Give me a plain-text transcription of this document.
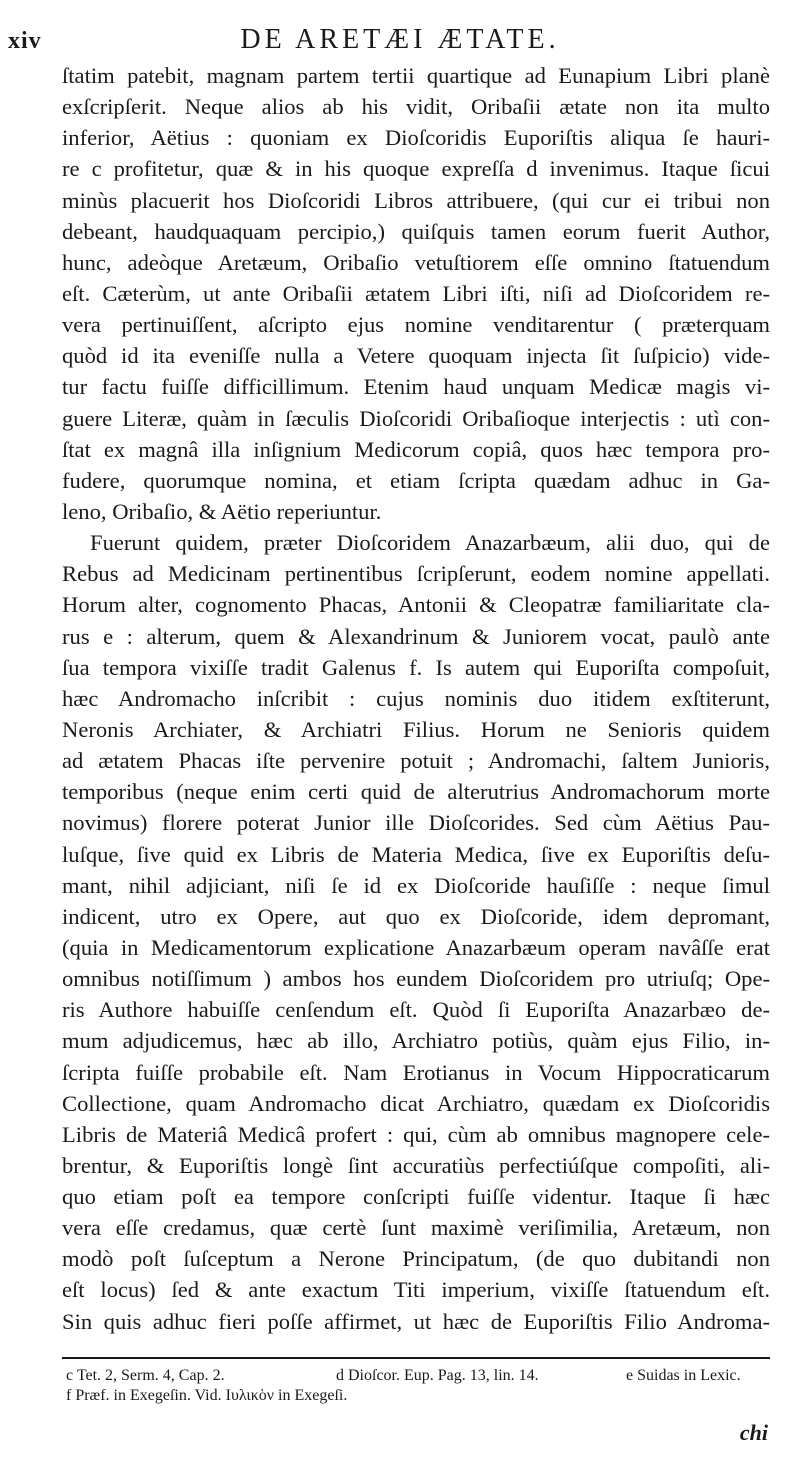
xiv	DE ARETÆI ÆTATE.
ſtatim patebit, magnam partem tertii quartique ad Eunapium Libri planè
exſcripſerit. Neque alios ab his vidit, Oribaſii ætate non ita multo
inferior, Aëtius : quoniam ex Dioſcoridis Euporiſtis aliqua ſe hauri-
re c profitetur, quæ & in his quoque expreſſa d invenimus. Itaque ſicui
minùs placuerit hos Dioſcoridi Libros attribuere, (qui cur ei tribui non
debeant, haudquaquam percipio,) quiſquis tamen eorum fuerit Author,
hunc, adeòque Aretæum, Oribaſio vetuſtiorem eſſe omnino ſtatuendum
eſt. Cæterùm, ut ante Oribaſii ætatem Libri iſti, niſi ad Dioſcoridem re-
vera pertinuiſſent, aſcripto ejus nomine venditarentur ( præterquam
quòd id ita eveniſſe nulla a Vetere quoquam injecta ſit ſuſpicio) vide-
tur factu fuiſſe difficillimum. Etenim haud unquam Medicæ magis vi-
guere Literæ, quàm in ſæculis Dioſcoridi Oribaſioque interjectis : utì con-
ſtat ex magnâ illa inſignium Medicorum copiâ, quos hæc tempora pro-
fudere, quorumque nomina, et etiam ſcripta quædam adhuc in Ga-
leno, Oribaſio, & Aëtio reperiuntur.
Fuerunt quidem, præter Dioſcoridem Anazarbæum, alii duo, qui de
Rebus ad Medicinam pertinentibus ſcripſerunt, eodem nomine appellati.
Horum alter, cognomento Phacas, Antonii & Cleopatræ familiaritate cla-
rus e : alterum, quem & Alexandrinum & Juniorem vocat, paulò ante
ſua tempora vixiſſe tradit Galenus f. Is autem qui Euporiſta compoſuit,
hæc Andromacho inſcribit : cujus nominis duo itidem exſtiterunt,
Neronis Archiater, & Archiatri Filius. Horum ne Senioris quidem
ad ætatem Phacas iſte pervenire potuit ; Andromachi, ſaltem Junioris,
temporibus (neque enim certi quid de alterutrius Andromachorum morte
novimus) florere poterat Junior ille Dioſcorides. Sed cùm Aëtius Pau-
luſque, ſive quid ex Libris de Materia Medica, ſive ex Euporiſtis deſu-
mant, nihil adjiciant, niſi ſe id ex Dioſcoride hauſiſſe : neque ſimul
indicent, utro ex Opere, aut quo ex Dioſcoride, idem depromant,
(quia in Medicamentorum explicatione Anazarbæum operam navâſſe erat
omnibus notiſſimum ) ambos hos eundem Dioſcoridem pro utriuſq; Ope-
ris Authore habuiſſe cenſendum eſt. Quòd ſi Euporiſta Anazarbæo de-
mum adjudicemus, hæc ab illo, Archiatro potiùs, quàm ejus Filio, in-
ſcripta fuiſſe probabile eſt. Nam Erotianus in Vocum Hippocraticarum
Collectione, quam Andromacho dicat Archiatro, quædam ex Dioſcoridis
Libris de Materiâ Medicâ profert : qui, cùm ab omnibus magnopere cele-
brentur, & Euporiſtis longè ſint accuratiùs perfectiúſque compoſiti, ali-
quo etiam poſt ea tempore conſcripti fuiſſe videntur. Itaque ſi hæc
vera eſſe credamus, quæ certè ſunt maximè veriſimilia, Aretæum, non
modò poſt ſuſceptum a Nerone Principatum, (de quo dubitandi non
eſt locus) ſed & ante exactum Titi imperium, vixiſſe ſtatuendum eſt.
Sin quis adhuc fieri poſſe affirmet, ut hæc de Euporiſtis Filio Androma-
c Tet. 2, Serm. 4, Cap. 2.	d Dioſcor. Eup. Pag. 13, lin. 14.	e Suidas in Lexic.
f Præf. in Exegeſin. Vid. Ιυλικὸν in Exegeſi.
chi
